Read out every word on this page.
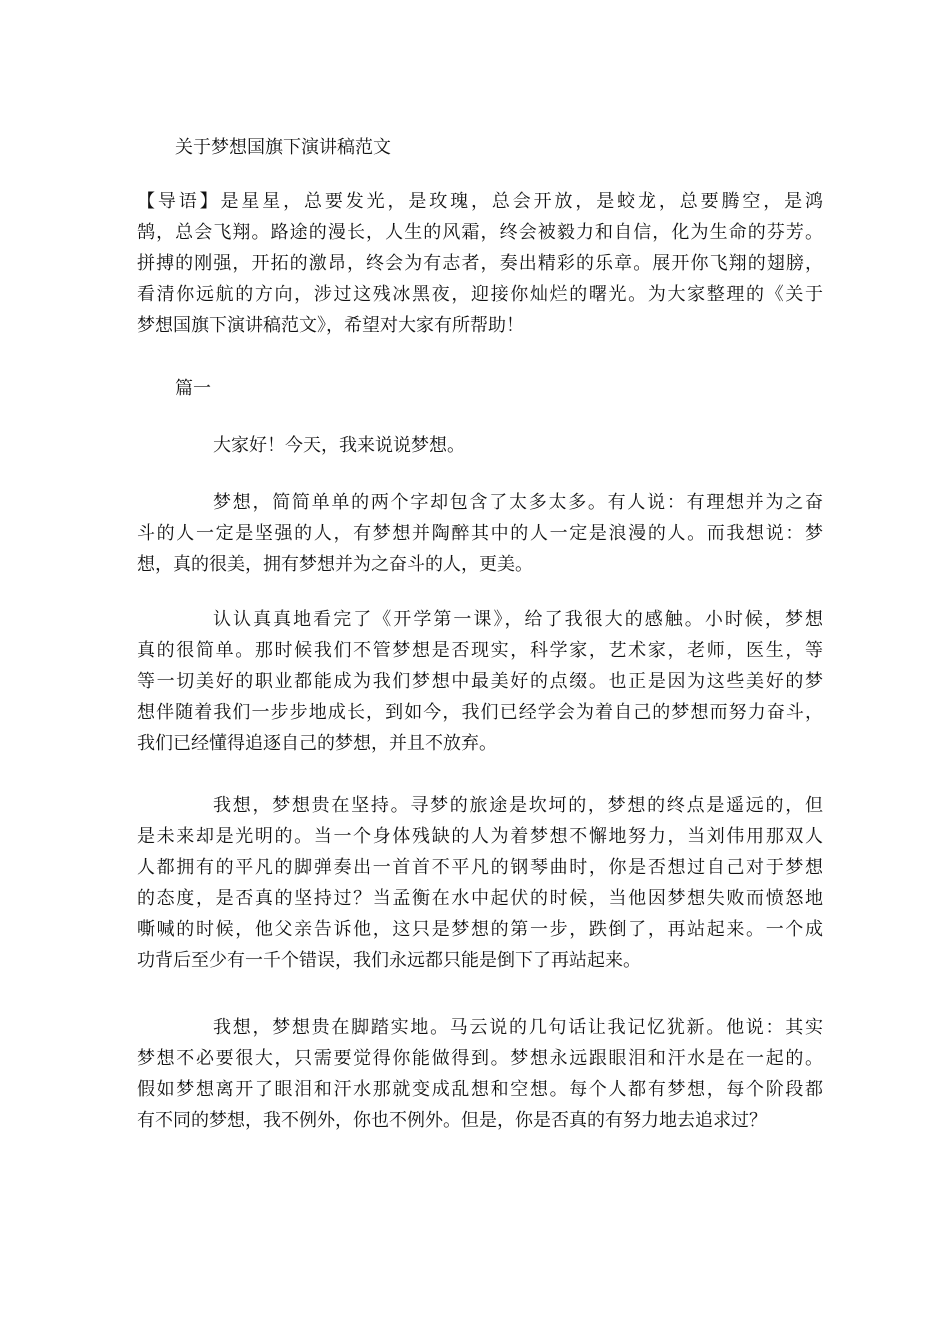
关于梦想国旗下演讲稿范文

【导语】是星星，总要发光，是玫瑰，总会开放，是蛟龙，总要腾空，是鸿
鹄，总会飞翔。路途的漫长，人生的风霜，终会被毅力和自信，化为生命的芬芳。
拼搏的刚强，开拓的激昂，终会为有志者，奏出精彩的乐章。展开你飞翔的翅膀，
看清你远航的方向，涉过这残冰黑夜，迎接你灿烂的曙光。为大家整理的《关于
梦想国旗下演讲稿范文》，希望对大家有所帮助！

篇一

大家好！今天，我来说说梦想。

梦想，简简单单的两个字却包含了太多太多。有人说：有理想并为之奋
斗的人一定是坚强的人，有梦想并陶醉其中的人一定是浪漫的人。而我想说：梦
想，真的很美，拥有梦想并为之奋斗的人，更美。

认认真真地看完了《开学第一课》，给了我很大的感触。小时候，梦想
真的很简单。那时候我们不管梦想是否现实，科学家，艺术家，老师，医生，等
等一切美好的职业都能成为我们梦想中最美好的点缀。也正是因为这些美好的梦
想伴随着我们一步步地成长，到如今，我们已经学会为着自己的梦想而努力奋斗，
我们已经懂得追逐自己的梦想，并且不放弃。

我想，梦想贵在坚持。寻梦的旅途是坎坷的，梦想的终点是遥远的，但
是未来却是光明的。当一个身体残缺的人为着梦想不懈地努力，当刘伟用那双人
人都拥有的平凡的脚弹奏出一首首不平凡的钢琴曲时，你是否想过自己对于梦想
的态度，是否真的坚持过？当孟衡在水中起伏的时候，当他因梦想失败而愤怒地
嘶喊的时候，他父亲告诉他，这只是梦想的第一步，跌倒了，再站起来。一个成
功背后至少有一千个错误，我们永远都只能是倒下了再站起来。

我想，梦想贵在脚踏实地。马云说的几句话让我记忆犹新。他说：其实
梦想不必要很大，只需要觉得你能做得到。梦想永远跟眼泪和汗水是在一起的。
假如梦想离开了眼泪和汗水那就变成乱想和空想。每个人都有梦想，每个阶段都
有不同的梦想，我不例外，你也不例外。但是，你是否真的有努力地去追求过？
